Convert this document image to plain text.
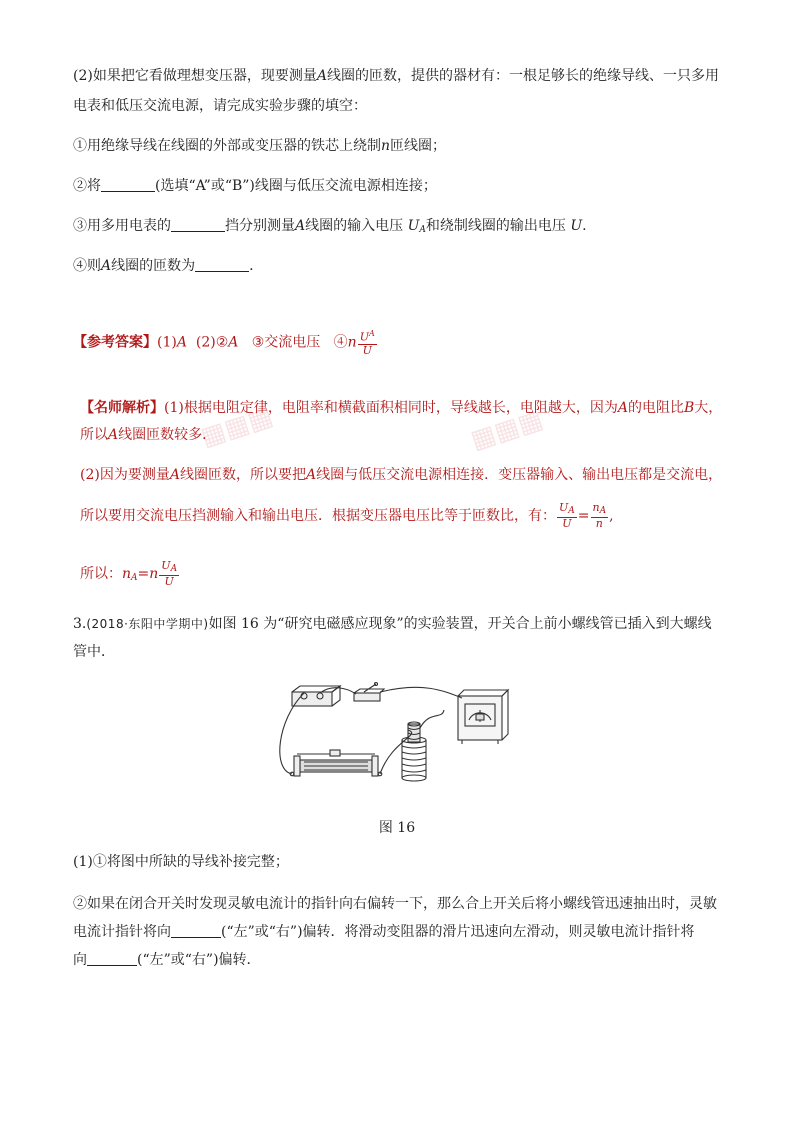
▦▦▦	▦▦▦
(2)如果把它看做理想变压器，现要测量A线圈的匝数，提供的器材有：一根足够长的绝缘导线、一只多用
电表和低压交流电源，请完成实验步骤的填空：
①用绝缘导线在线圈的外部或变压器的铁芯上绕制n匝线圈；
②将	(选填“A”或“B”)线圈与低压交流电源相连接；
③用多用电表的	挡分别测量A线圈的输入电压 $U_A$和绕制线圈的输出电压 U.
④则A线圈的匝数为	.
【参考答案】(1)A (2)②A ③交流电压 ④n $\frac{U^A}{U}$
【名师解析】(1)根据电阻定律，电阻率和横截面积相同时，导线越长，电阻越大，因为A的电阻比B大，
所以A线圈匝数较多．
(2)因为要测量A线圈匝数，所以要把A线圈与低压交流电源相连接．变压器输入、输出电压都是交流电，
所以要用交流电压挡测输入和输出电压．根据变压器电压比等于匝数比，有： $\frac{U_A}{U} = \frac{n_A}{n}$ ,
所以：$n_A=n \frac{U_A}{U}$
3.(2018·东阳中学期中)如图 16 为“研究电磁感应现象”的实验装置，开关合上前小螺线管已插入到大螺线
管中．
图 16
(1)①将图中所缺的导线补接完整；
②如果在闭合开关时发现灵敏电流计的指针向右偏转一下，那么合上开关后将小螺线管迅速抽出时，灵敏
电流计指针将向	(“左”或“右”)偏转．将滑动变阻器的滑片迅速向左滑动，则灵敏电流计指针将
向	(“左”或“右”)偏转．
